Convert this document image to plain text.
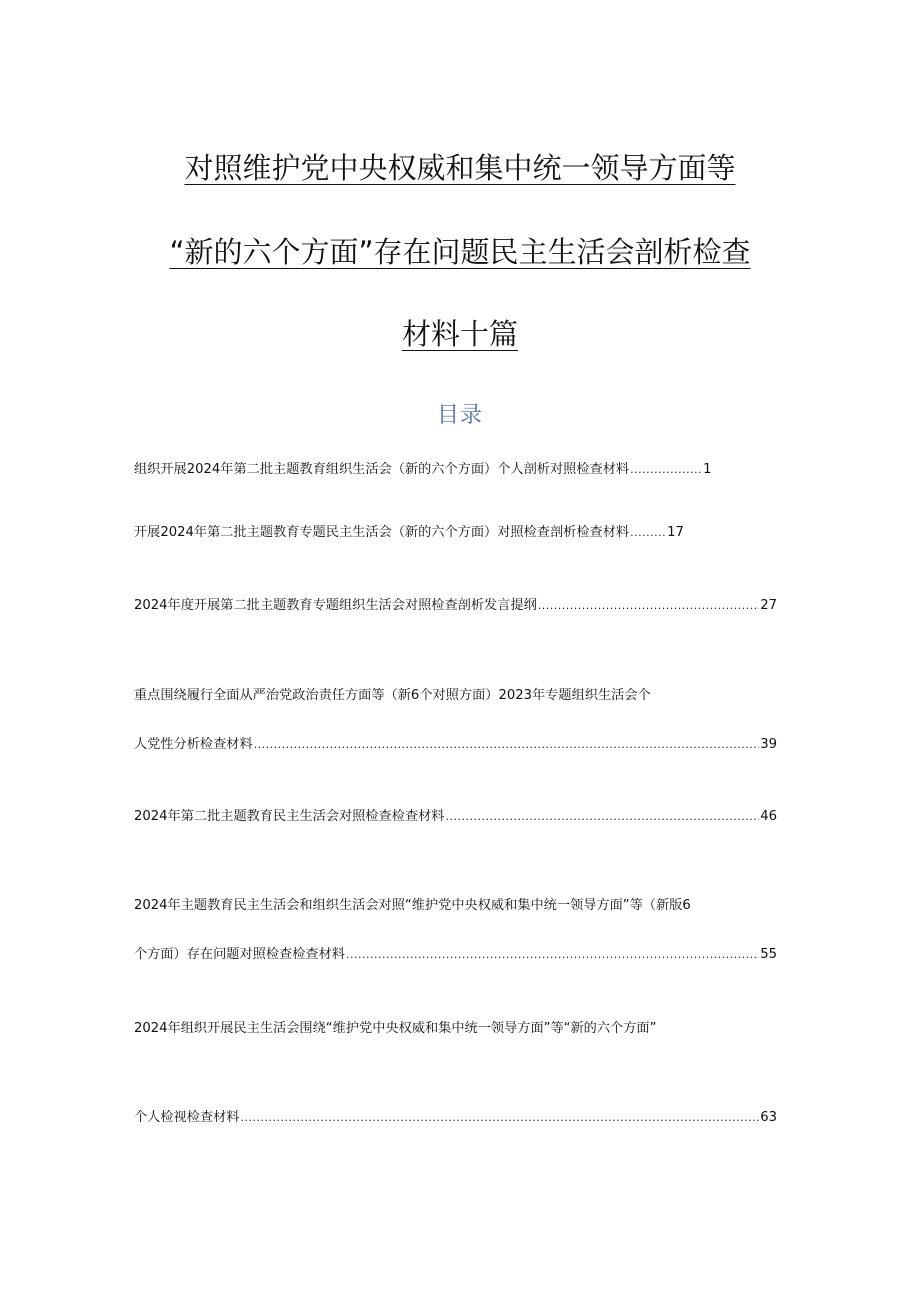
对照维护党中央权威和集中统一领导方面等
“新的六个方面”存在问题民主生活会剖析检查
材料十篇
目录
组织开展2024年第二批主题教育组织生活会（新的六个方面）个人剖析对照检查材料 .....	1
开展2024年第二批主题教育专题民主生活会（新的六个方面）对照检查剖析检查材料 .....	17
2024年度开展第二批主题教育专题组织生活会对照检查剖析发言提纲 .....	27
重点围绕履行全面从严治党政治责任方面等（新6个对照方面）2023年专题组织生活会个
人党性分析检查材料 .....	39
2024年第二批主题教育民主生活会对照检查检查材料 .....	46
2024年主题教育民主生活会和组织生活会对照“维护党中央权威和集中统一领导方面”等（新版6
个方面）存在问题对照检查检查材料 .....	55
2024年组织开展民主生活会围绕“维护党中央权威和集中统一领导方面”等“新的六个方面”
个人检视检查材料 .....	63
